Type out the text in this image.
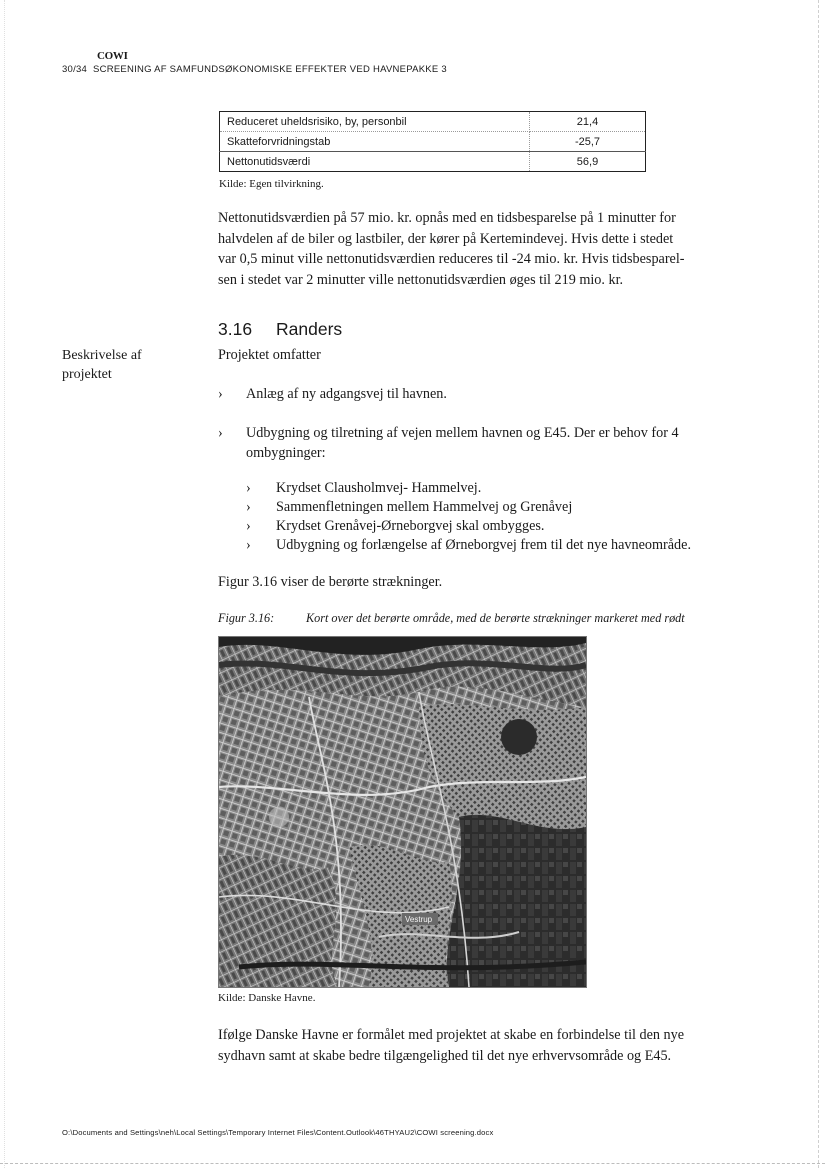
COWI
30/34 SCREENING AF SAMFUNDSØKONOMISKE EFFEKTER VED HAVNEPAKKE 3
Reduceret uheldsrisiko, by, personbil	21,4
Skatteforvridningstab	-25,7
Nettonutidsværdi	56,9
Kilde: Egen tilvirkning.
Nettonutidsværdien på 57 mio. kr. opnås med en tidsbesparelse på 1 minutter for
halvdelen af de biler og lastbiler, der kører på Kertemindevej. Hvis dette i stedet
var 0,5 minut ville nettonutidsværdien reduceres til -24 mio. kr. Hvis tidsbesparel-
sen i stedet var 2 minutter ville nettonutidsværdien øges til 219 mio. kr.
3.16 Randers
Beskrivelse af projektet
Projektet omfatter
› Anlæg af ny adgangsvej til havnen.
› Udbygning og tilretning af vejen mellem havnen og E45. Der er behov for 4
ombygninger:
› Krydset Clausholmvej- Hammelvej.
› Sammenfletningen mellem Hammelvej og Grenåvej
› Krydset Grenåvej-Ørneborgvej skal ombygges.
› Udbygning og forlængelse af Ørneborgvej frem til det nye havneområde.
Figur 3.16 viser de berørte strækninger.
Figur 3.16:	Kort over det berørte område, med de berørte strækninger markeret med rødt
Vestrup
Kilde: Danske Havne.
Ifølge Danske Havne er formålet med projektet at skabe en forbindelse til den nye
sydhavn samt at skabe bedre tilgængelighed til det nye erhvervsområde og E45.
O:\Documents and Settings\neh\Local Settings\Temporary Internet Files\Content.Outlook\46THYAU2\COWI screening.docx
